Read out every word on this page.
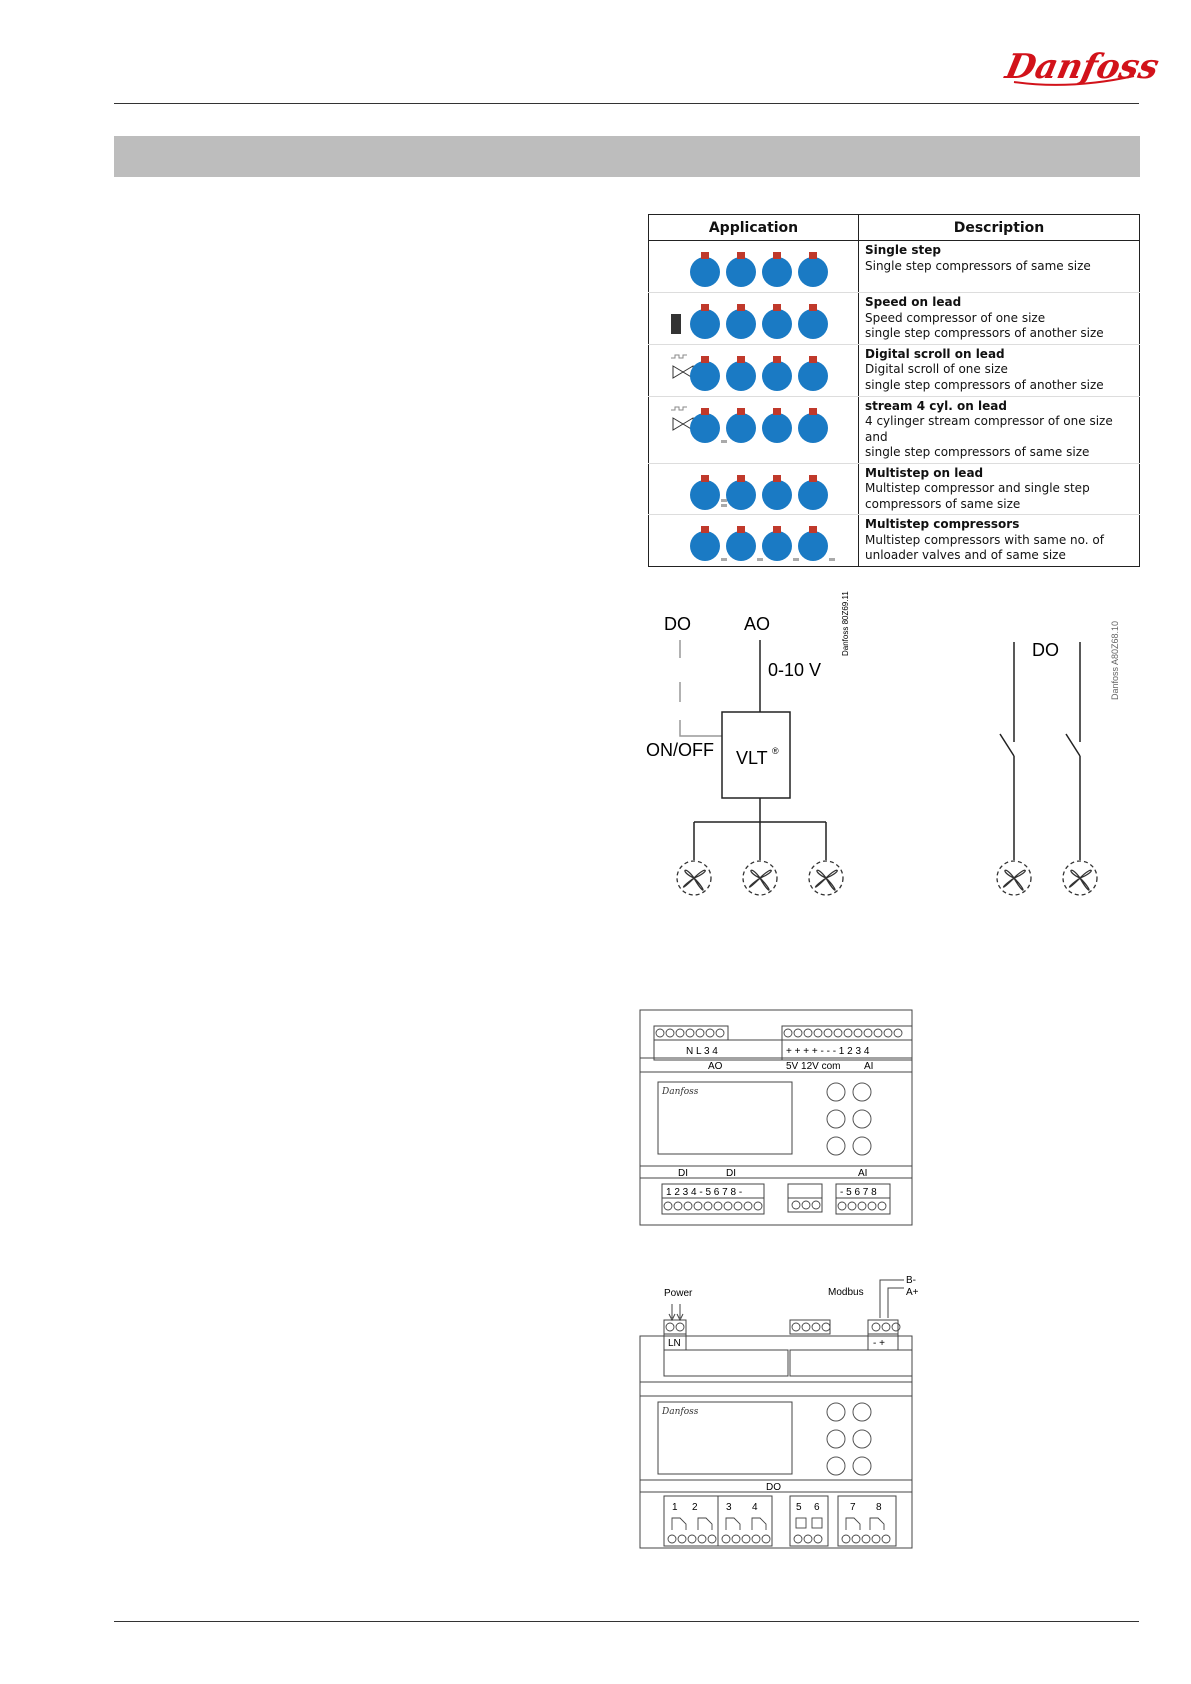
Danfoss
Application	Description

Single step
Single step compressors of same size

Speed on lead
Speed compressor of one size
single step compressors of another size

Digital scroll on lead
Digital scroll of one size
single step compressors of another size

stream 4 cyl. on lead
4 cylinger stream compressor of one size and
single step compressors of same size

Multistep on lead
Multistep compressor and single step
compressors of same size

Multistep compressors
Multistep compressors with same no. of
unloader valves and of same size
DO	AO
0-10 V
ON/OFF VLT ®
Danfoss 80Z69.11	DO	Danfoss A80Z68.10
Danfoss
N L 3 4
AO
+ + + + - - - 1 2 3 4
5V 12V com AI
DI	DI	AI
1 2 3 4 - 5 6 7 8 -	- 5 6 7 8
Power	Modbus
B-
A+
Danfoss
LN	- +
DO
1 2	3 4	5 6	7 8
